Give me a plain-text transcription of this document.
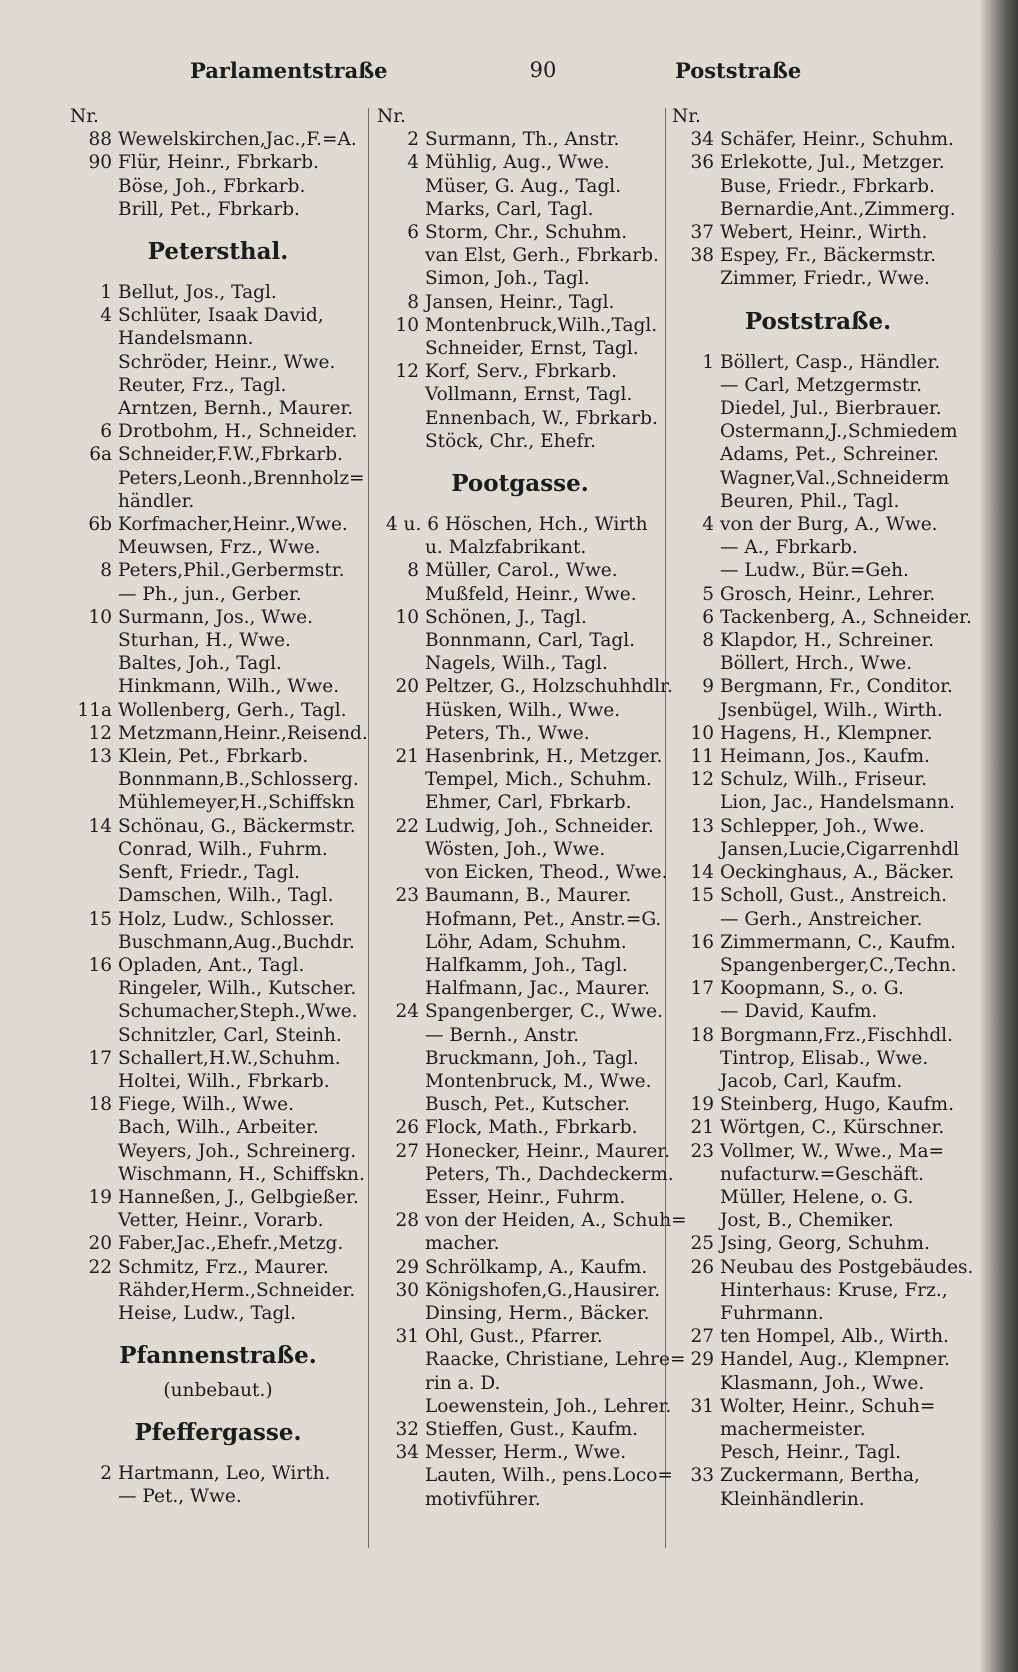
Parlamentstraße	90	Poststraße
Nr.
88 Wewelskirchen,Jac.,F.=A.
90 Flür, Heinr., Fbrkarb.
Böse, Joh., Fbrkarb.
Brill, Pet., Fbrkarb.
Petersthal.
1 Bellut, Jos., Tagl.
4 Schlüter, Isaak David,
Handelsmann.
Schröder, Heinr., Wwe.
Reuter, Frz., Tagl.
Arntzen, Bernh., Maurer.
6 Drotbohm, H., Schneider.
6a Schneider,F.W.,Fbrkarb.
Peters,Leonh.,Brennholz=
händler.
6b Korfmacher,Heinr.,Wwe.
Meuwsen, Frz., Wwe.
8 Peters,Phil.,Gerbermstr.
— Ph., jun., Gerber.
10 Surmann, Jos., Wwe.
Sturhan, H., Wwe.
Baltes, Joh., Tagl.
Hinkmann, Wilh., Wwe.
11a Wollenberg, Gerh., Tagl.
12 Metzmann,Heinr.,Reisend.
13 Klein, Pet., Fbrkarb.
Bonnmann,B.,Schlosserg.
Mühlemeyer,H.,Schiffskn
14 Schönau, G., Bäckermstr.
Conrad, Wilh., Fuhrm.
Senft, Friedr., Tagl.
Damschen, Wilh., Tagl.
15 Holz, Ludw., Schlosser.
Buschmann,Aug.,Buchdr.
16 Opladen, Ant., Tagl.
Ringeler, Wilh., Kutscher.
Schumacher,Steph.,Wwe.
Schnitzler, Carl, Steinh.
17 Schallert,H.W.,Schuhm.
Holtei, Wilh., Fbrkarb.
18 Fiege, Wilh., Wwe.
Bach, Wilh., Arbeiter.
Weyers, Joh., Schreinerg.
Wischmann, H., Schiffskn.
19 Hanneßen, J., Gelbgießer.
Vetter, Heinr., Vorarb.
20 Faber,Jac.,Ehefr.,Metzg.
22 Schmitz, Frz., Maurer.
Rähder,Herm.,Schneider.
Heise, Ludw., Tagl.
Pfannenstraße.
(unbebaut.)
Pfeffergasse.
2 Hartmann, Leo, Wirth.
— Pet., Wwe.
Nr.
2 Surmann, Th., Anstr.
4 Mühlig, Aug., Wwe.
Müser, G. Aug., Tagl.
Marks, Carl, Tagl.
6 Storm, Chr., Schuhm.
van Elst, Gerh., Fbrkarb.
Simon, Joh., Tagl.
8 Jansen, Heinr., Tagl.
10 Montenbruck,Wilh.,Tagl.
Schneider, Ernst, Tagl.
12 Korf, Serv., Fbrkarb.
Vollmann, Ernst, Tagl.
Ennenbach, W., Fbrkarb.
Stöck, Chr., Ehefr.
Pootgasse.
4 u. 6 Höschen, Hch., Wirth
u. Malzfabrikant.
8 Müller, Carol., Wwe.
Mußfeld, Heinr., Wwe.
10 Schönen, J., Tagl.
Bonnmann, Carl, Tagl.
Nagels, Wilh., Tagl.
20 Peltzer, G., Holzschuhhdlr.
Hüsken, Wilh., Wwe.
Peters, Th., Wwe.
21 Hasenbrink, H., Metzger.
Tempel, Mich., Schuhm.
Ehmer, Carl, Fbrkarb.
22 Ludwig, Joh., Schneider.
Wösten, Joh., Wwe.
von Eicken, Theod., Wwe.
23 Baumann, B., Maurer.
Hofmann, Pet., Anstr.=G.
Löhr, Adam, Schuhm.
Halfkamm, Joh., Tagl.
Halfmann, Jac., Maurer.
24 Spangenberger, C., Wwe.
— Bernh., Anstr.
Bruckmann, Joh., Tagl.
Montenbruck, M., Wwe.
Busch, Pet., Kutscher.
26 Flock, Math., Fbrkarb.
27 Honecker, Heinr., Maurer.
Peters, Th., Dachdeckerm.
Esser, Heinr., Fuhrm.
28 von der Heiden, A., Schuh=
macher.
29 Schrölkamp, A., Kaufm.
30 Königshofen,G.,Hausirer.
Dinsing, Herm., Bäcker.
31 Ohl, Gust., Pfarrer.
Raacke, Christiane, Lehre=
rin a. D.
Loewenstein, Joh., Lehrer.
32 Stieffen, Gust., Kaufm.
34 Messer, Herm., Wwe.
Lauten, Wilh., pens.Loco=
motivführer.
Nr.
34 Schäfer, Heinr., Schuhm.
36 Erlekotte, Jul., Metzger.
Buse, Friedr., Fbrkarb.
Bernardie,Ant.,Zimmerg.
37 Webert, Heinr., Wirth.
38 Espey, Fr., Bäckermstr.
Zimmer, Friedr., Wwe.
Poststraße.
1 Böllert, Casp., Händler.
— Carl, Metzgermstr.
Diedel, Jul., Bierbrauer.
Ostermann,J.,Schmiedem
Adams, Pet., Schreiner.
Wagner,Val.,Schneiderm
Beuren, Phil., Tagl.
4 von der Burg, A., Wwe.
— A., Fbrkarb.
— Ludw., Bür.=Geh.
5 Grosch, Heinr., Lehrer.
6 Tackenberg, A., Schneider.
8 Klapdor, H., Schreiner.
Böllert, Hrch., Wwe.
9 Bergmann, Fr., Conditor.
Jsenbügel, Wilh., Wirth.
10 Hagens, H., Klempner.
11 Heimann, Jos., Kaufm.
12 Schulz, Wilh., Friseur.
Lion, Jac., Handelsmann.
13 Schlepper, Joh., Wwe.
Jansen,Lucie,Cigarrenhdl
14 Oeckinghaus, A., Bäcker.
15 Scholl, Gust., Anstreich.
— Gerh., Anstreicher.
16 Zimmermann, C., Kaufm.
Spangenberger,C.,Techn.
17 Koopmann, S., o. G.
— David, Kaufm.
18 Borgmann,Frz.,Fischhdl.
Tintrop, Elisab., Wwe.
Jacob, Carl, Kaufm.
19 Steinberg, Hugo, Kaufm.
21 Wörtgen, C., Kürschner.
23 Vollmer, W., Wwe., Ma=
nufacturw.=Geschäft.
Müller, Helene, o. G.
Jost, B., Chemiker.
25 Jsing, Georg, Schuhm.
26 Neubau des Postgebäudes.
Hinterhaus: Kruse, Frz.,
Fuhrmann.
27 ten Hompel, Alb., Wirth.
29 Handel, Aug., Klempner.
Klasmann, Joh., Wwe.
31 Wolter, Heinr., Schuh=
machermeister.
Pesch, Heinr., Tagl.
33 Zuckermann, Bertha,
Kleinhändlerin.
